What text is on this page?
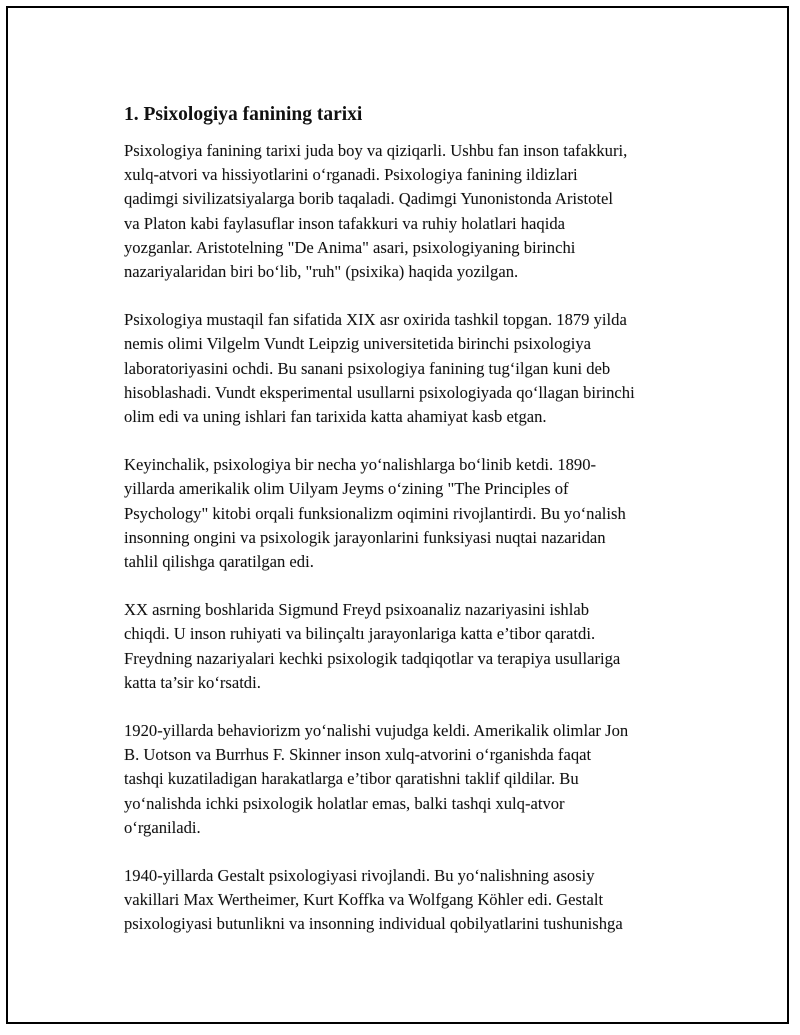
1. Psixologiya fanining tarixi

Psixologiya fanining tarixi juda boy va qiziqarli. Ushbu fan inson tafakkuri,
xulq-atvori va hissiyotlarini o‘rganadi. Psixologiya fanining ildizlari
qadimgi sivilizatsiyalarga borib taqaladi. Qadimgi Yunonistonda Aristotel
va Platon kabi faylasuflar inson tafakkuri va ruhiy holatlari haqida
yozganlar. Aristotelning "De Anima" asari, psixologiyaning birinchi
nazariyalaridan biri bo‘lib, "ruh" (psixika) haqida yozilgan.

Psixologiya mustaqil fan sifatida XIX asr oxirida tashkil topgan. 1879 yilda
nemis olimi Vilgelm Vundt Leipzig universitetida birinchi psixologiya
laboratoriyasini ochdi. Bu sanani psixologiya fanining tug‘ilgan kuni deb
hisoblashadi. Vundt eksperimental usullarni psixologiyada qo‘llagan birinchi
olim edi va uning ishlari fan tarixida katta ahamiyat kasb etgan.

Keyinchalik, psixologiya bir necha yo‘nalishlarga bo‘linib ketdi. 1890-
yillarda amerikalik olim Uilyam Jeyms o‘zining "The Principles of
Psychology" kitobi orqali funksionalizm oqimini rivojlantirdi. Bu yo‘nalish
insonning ongini va psixologik jarayonlarini funksiyasi nuqtai nazaridan
tahlil qilishga qaratilgan edi.

XX asrning boshlarida Sigmund Freyd psixoanaliz nazariyasini ishlab
chiqdi. U inson ruhiyati va bilinçaltı jarayonlariga katta e’tibor qaratdi.
Freydning nazariyalari kechki psixologik tadqiqotlar va terapiya usullariga
katta ta’sir ko‘rsatdi.

1920-yillarda behaviorizm yo‘nalishi vujudga keldi. Amerikalik olimlar Jon
B. Uotson va Burrhus F. Skinner inson xulq-atvorini o‘rganishda faqat
tashqi kuzatiladigan harakatlarga e’tibor qaratishni taklif qildilar. Bu
yo‘nalishda ichki psixologik holatlar emas, balki tashqi xulq-atvor
o‘rganiladi.

1940-yillarda Gestalt psixologiyasi rivojlandi. Bu yo‘nalishning asosiy
vakillari Max Wertheimer, Kurt Koffka va Wolfgang Köhler edi. Gestalt
psixologiyasi butunlikni va insonning individual qobilyatlarini tushunishga
